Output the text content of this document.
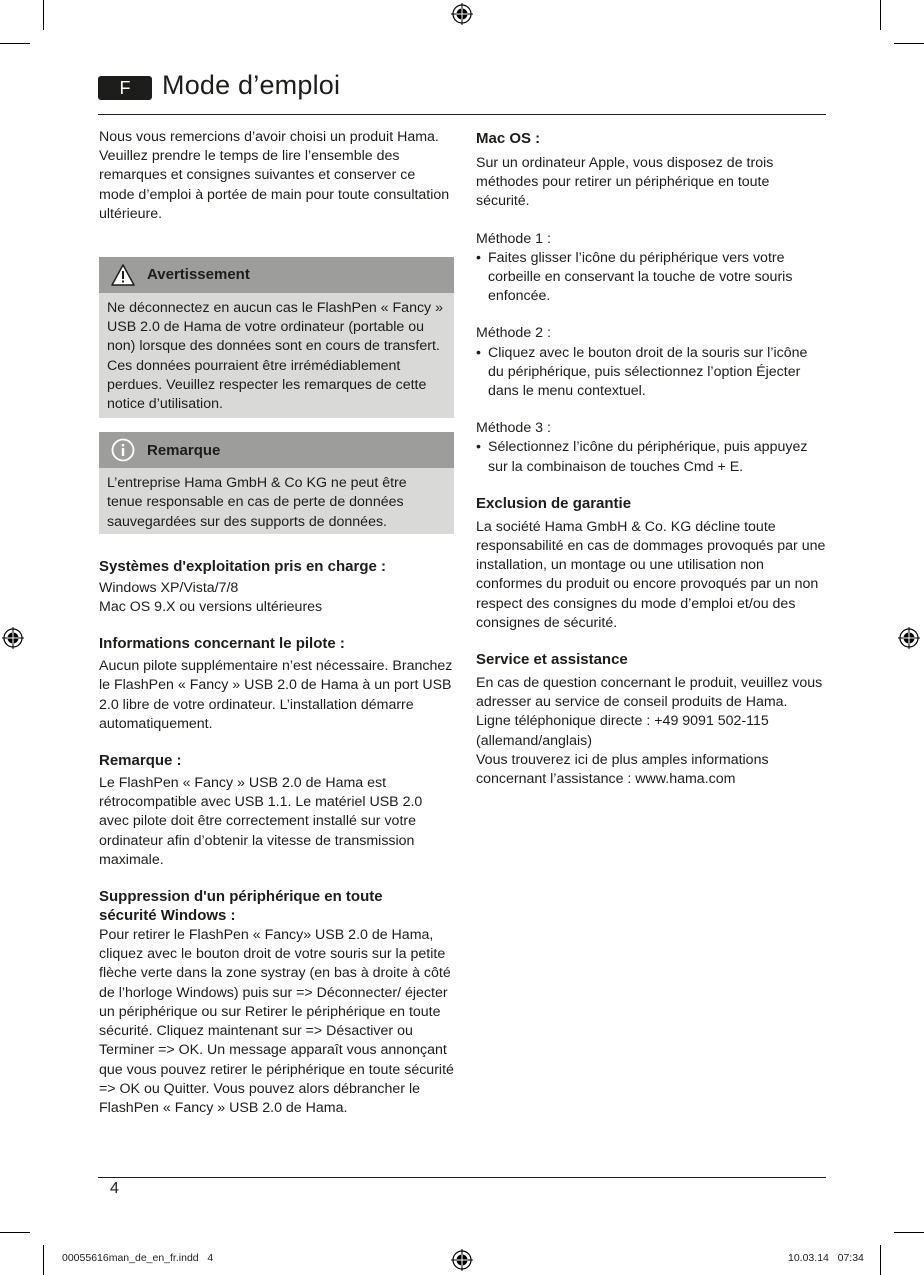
F	Mode d’emploi

Nous vous remercions d’avoir choisi un produit Hama. Veuillez prendre le temps de lire l’ensemble des remarques et consignes suivantes et conserver ce mode d’emploi à portée de main pour toute consultation ultérieure.

Avertissement
Ne déconnectez en aucun cas le FlashPen « Fancy » USB 2.0 de Hama de votre ordinateur (portable ou non) lorsque des données sont en cours de transfert. Ces données pourraient être irrémédiablement perdues. Veuillez respecter les remarques de cette notice d’utilisation.
Remarque
L’entreprise Hama GmbH & Co KG ne peut être tenue responsable en cas de perte de données sauvegardées sur des supports de données.

Systèmes d'exploitation pris en charge :

Windows XP/Vista/7/8

Mac OS 9.X ou versions ultérieures

Informations concernant le pilote :

Aucun pilote supplémentaire n’est nécessaire. Branchez le FlashPen « Fancy » USB 2.0 de Hama à un port USB 2.0 libre de votre ordinateur. L’installation démarre automatiquement.

Remarque :

Le FlashPen « Fancy » USB 2.0 de Hama est rétrocompatible avec USB 1.1. Le matériel USB 2.0 avec pilote doit être correctement installé sur votre ordinateur afin d’obtenir la vitesse de transmission maximale.

Suppression d'un périphérique en toute sécurité Windows :

Pour retirer le FlashPen « Fancy» USB 2.0 de Hama, cliquez avec le bouton droit de votre souris sur la petite flèche verte dans la zone systray (en bas à droite à côté de l’horloge Windows) puis sur => Déconnecter/ éjecter un périphérique ou sur Retirer le périphérique en toute sécurité. Cliquez maintenant sur => Désactiver ou Terminer => OK. Un message apparaît vous annonçant que vous pouvez retirer le périphérique en toute sécurité => OK ou Quitter. Vous pouvez alors débrancher le FlashPen « Fancy » USB 2.0 de Hama.

Mac OS :

Sur un ordinateur Apple, vous disposez de trois méthodes pour retirer un périphérique en toute sécurité.

Méthode 1 :

• Faites glisser l’icône du périphérique vers votre corbeille en conservant la touche de votre souris enfoncée.

Méthode 2 :

• Cliquez avec le bouton droit de la souris sur l’icône du périphérique, puis sélectionnez l’option Éjecter dans le menu contextuel.

Méthode 3 :

• Sélectionnez l’icône du périphérique, puis appuyez sur la combinaison de touches Cmd + E.

Exclusion de garantie

La société Hama GmbH & Co. KG décline toute responsabilité en cas de dommages provoqués par une installation, un montage ou une utilisation non conformes du produit ou encore provoqués par un non respect des consignes du mode d’emploi et/ou des consignes de sécurité.

Service et assistance

En cas de question concernant le produit, veuillez vous adresser au service de conseil produits de Hama.

Ligne téléphonique directe : +49 9091 502-115 (allemand/anglais)

Vous trouverez ici de plus amples informations concernant l’assistance : www.hama.com

4
00055616man_de_en_fr.indd   4	10.03.14   07:34
